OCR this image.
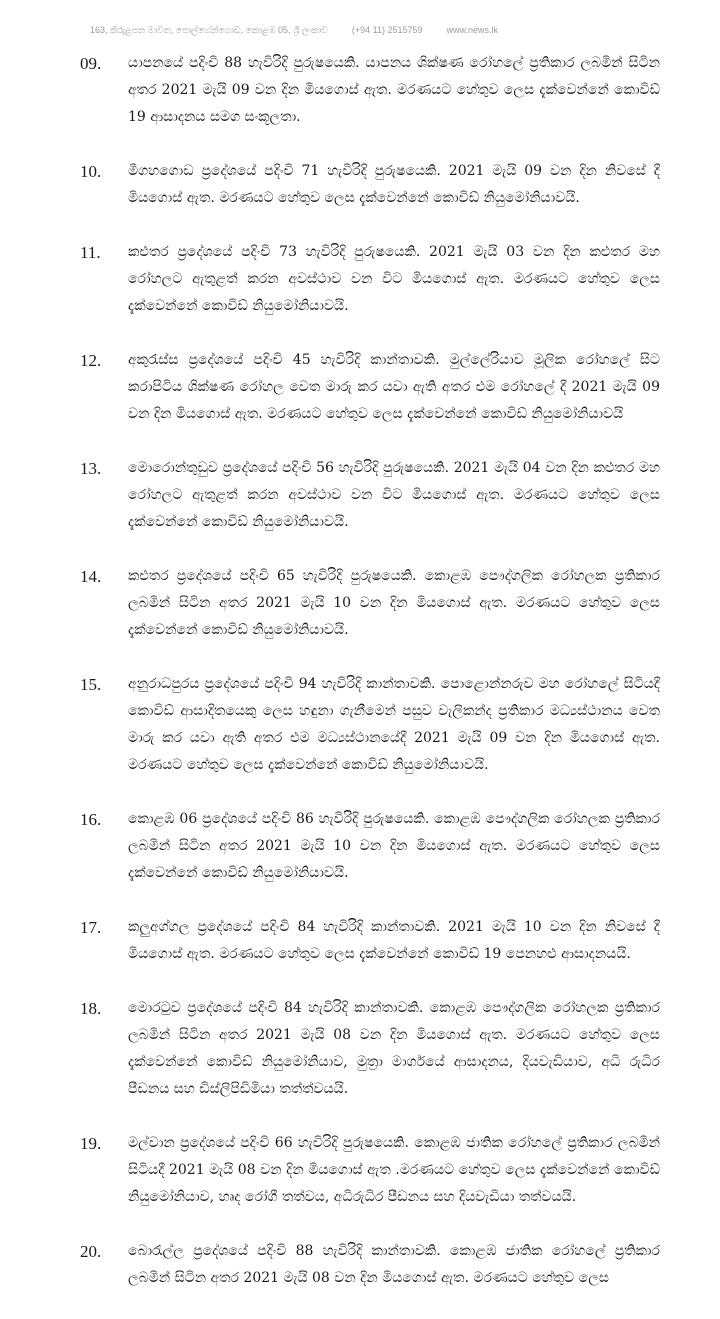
163, කිරුළපන මාවත, පොල්හේන්ගොඩ, කොළඹ 05, ශ්‍රී ලංකාව	(+94 11) 2515759	www.news.lk
09.	යාපනයේ පදිංචි 88 හැවිරිදි පුරුෂයෙකි. යාපනය ශික්ෂණ රෝහලේ ප්‍රතිකාර ලබමින් සිටින අතර 2021 මැයි 09 වන දින මියගොස් ඇත. මරණයට හේතුව ලෙස දැක්වෙන්නේ කොවිඩ් 19 ආසාදනය සමග සංකූලතා.

10.	මීගහගොඩ ප්‍රදේශයේ පදිංචි 71 හැවිරිදි පුරුෂයෙකි. 2021 මැයි 09 වන දින නිවසේ දී මියගොස් ඇත. මරණයට හේතුව ලෙස දැක්වෙන්නේ කොවිඩ් නියුමෝනියාවයි.

11.	කළුතර ප්‍රදේශයේ පදිංචි 73 හැවිරිදි පුරුෂයෙකි. 2021 මැයි 03 වන දින කළුතර මහ රෝහලට ඇතුළත් කරන අවස්ථාව වන විට මියගොස් ඇත. මරණයට හේතුව ලෙස දැක්වෙන්නේ කොවිඩ් නියුමෝනියාවයි.

12.	අකුරැස්ස ප්‍රදේශයේ පදිංචි 45 හැවිරිදි කාන්තාවකි. මුල්ලේරියාව මූලික රෝහලේ සිට කරාපිටිය ශික්ෂණ රෝහල වෙත මාරු කර යවා ඇති අතර එම රෝහලේ දී 2021 මැයි 09 වන දින මියගොස් ඇත. මරණයට හේතුව ලෙස දැක්වෙන්නේ කොවිඩ් නියුමෝනියාවයි

13.	මොරොන්තුඩුව ප්‍රදේශයේ පදිංචි 56 හැවිරිදි පුරුෂයෙකි. 2021 මැයි 04 වන දින කළුතර මහ රෝහලට ඇතුළත් කරන අවස්ථාව වන විට මියගොස් ඇත. මරණයට හේතුව ලෙස දැක්වෙන්නේ කොවිඩ් නියුමෝනියාවයි.

14.	කළුතර ප්‍රදේශයේ පදිංචි 65 හැවිරිදි පුරුෂයෙකි. කොළඹ පෞද්ගලික රෝහලක ප්‍රතිකාර ලබමින් සිටින අතර 2021 මැයි 10 වන දින මියගොස් ඇත. මරණයට හේතුව ලෙස දැක්වෙන්නේ කොවිඩ් නියුමෝනියාවයි.

15.	අනුරාධපුරය ප්‍රදේශයේ පදිංචි 94 හැවිරිදි කාන්තාවකි. පොළොන්නරුව මහ රෝහලේ සිටියදී කොවිඩ් ආසාදිතයෙකු ලෙස හඳුනා ගැනීමෙන් පසුව වැලිකන්ද ප්‍රතිකාර මධ්‍යස්ථානය වෙත මාරු කර යවා ඇති අතර එම මධ්‍යස්ථානයේදී 2021 මැයි 09 වන දින මියගොස් ඇත. මරණයට හේතුව ලෙස දැක්වෙන්නේ කොවිඩ් නියුමෝනියාවයි.

16.	කොළඹ 06 ප්‍රදේශයේ පදිංචි 86 හැවිරිදි පුරුෂයෙකි. කොළඹ පෞද්ගලික රෝහලක ප්‍රතිකාර ලබමින් සිටින අතර 2021 මැයි 10 වන දින මියගොස් ඇත. මරණයට හේතුව ලෙස දැක්වෙන්නේ කොවිඩ් නියුමෝනියාවයි.

17.	කලුඅග්ගල ප්‍රදේශයේ පදිංචි 84 හැවිරිදි කාන්තාවකි. 2021 මැයි 10 වන දින නිවසේ දී මියගොස් ඇත. මරණයට හේතුව ලෙස දැක්වෙන්නේ කොවිඩ් 19 පෙනහළු ආසාදනයයි.

18.	මොරටුව ප්‍රදේශයේ පදිංචි 84 හැවිරිදි කාන්තාවකි. කොළඹ පෞද්ගලික රෝහලක ප්‍රතිකාර ලබමින් සිටින අතර 2021 මැයි 08 වන දින මියගොස් ඇත. මරණයට හේතුව ලෙස දැක්වෙන්නේ කොවිඩ් නියුමෝනියාව, මුත්‍රා මාර්ගයේ ආසාදනය, දියවැඩියාව, අධි රුධිර පීඩනය සහ ඩිස්ලිපිඩිමියා තත්ත්වයයි.

19.	මල්වාන ප්‍රදේශයේ පදිංචි 66 හැවිරිදි පුරුෂයෙකි. කොළඹ ජාතික රෝහලේ ප්‍රතිකාර ලබමින් සිටියදී 2021 මැයි 08 වන දින මියගොස් ඇත .මරණයට හේතුව ලෙස දැක්වෙන්නේ කොවිඩ් නියුමෝනියාව, හෘද රෝගී තත්වය, අධිරුධිර පීඩනය සහ දියවැඩියා තත්වයයි.

20.	බොරැල්ල ප්‍රදේශයේ පදිංචි 88 හැවිරිදි කාන්තාවකි. කොළඹ ජාතික රෝහලේ ප්‍රතිකාර ලබමින් සිටින අතර 2021 මැයි 08 වන දින මියගොස් ඇත. මරණයට හේතුව ලෙස
